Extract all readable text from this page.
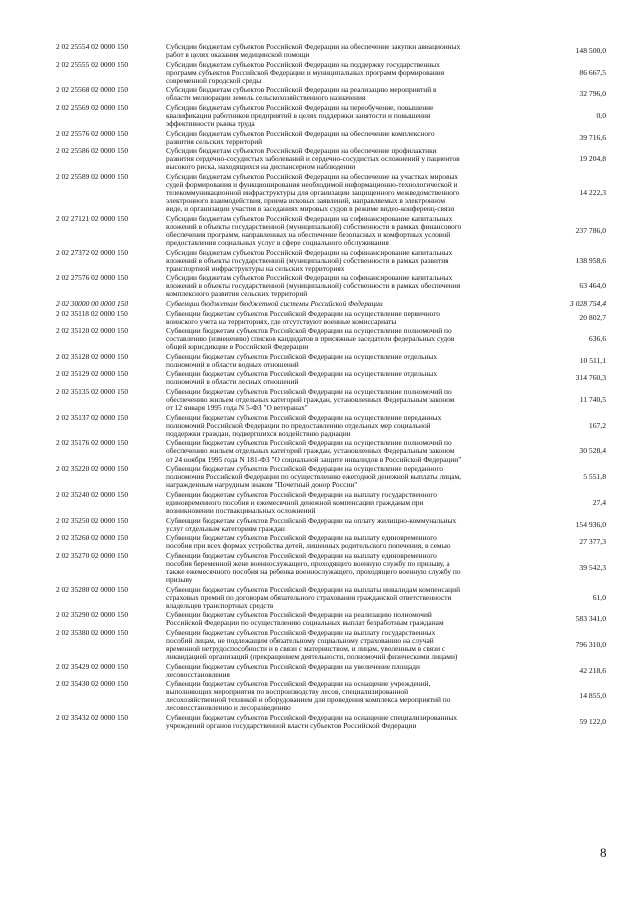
2 02 25554 02 0000 150	Субсидии бюджетам субъектов Российской Федерации на обеспечение закупки авиационных
работ в целях оказания медицинской помощи	148 500,0
2 02 25555 02 0000 150	Субсидии бюджетам субъектов Российской Федерации на поддержку государственных
программ субъектов Российской Федерации и муниципальных программ формирования
современной городской среды
86 667,5
2 02 25568 02 0000 150	Субсидии бюджетам субъектов Российской Федерации на реализацию мероприятий в
области мелиорации земель сельскохозяйственного назначения	32 796,0
2 02 25569 02 0000 150	Субсидии бюджетам субъектов Российской Федерации на переобучение, повышение
квалификации работников предприятий в целях поддержки занятости и повышения
эффективности рынка труда
0,0
2 02 25576 02 0000 150	Субсидии бюджетам субъектов Российской Федерации на обеспечение комплексного
развития сельских территорий	39 716,6
2 02 25586 02 0000 150	Субсидии бюджетам субъектов Российской Федерации на обеспечение профилактики
развития сердечно-сосудистых заболеваний и сердечно-сосудистых осложнений у пациентов
высокого риска, находящихся на диспансерном наблюдении
19 204,8
2 02 25589 02 0000 150	Субсидии бюджетам субъектов Российской Федерации на обеспечение на участках мировых
судей формирования и функционирования необходимой информационно-технологической и
телекоммуникационной инфраструктуры для организации защищенного межведомственного
электронного взаимодействия, приема исковых заявлений, направляемых в электронном
виде, и организации участия в заседаниях мировых судов в режиме видео-конференц-связи
14 222,3
2 02 27121 02 0000 150	Субсидии бюджетам субъектов Российской Федерации на софинансирование капитальных
вложений в объекты государственной (муниципальной) собственности в рамках финансового
обеспечения программ, направленных на обеспечение безопасных и комфортных условий
предоставления социальных услуг в сфере социального обслуживания
237 786,0
2 02 27372 02 0000 150	Субсидии бюджетам субъектов Российской Федерации на софинансирование капитальных
вложений в объекты государственной (муниципальной) собственности в рамках развития
транспортной инфраструктуры на сельских территориях
138 958,6
2 02 27576 02 0000 150	Субсидии бюджетам субъектов Российской Федерации на софинансирование капитальных
вложений в объекты государственной (муниципальной) собственности в рамках обеспечения
комплексного развития сельских территорий
63 464,0
2 02 30000 00 0000 150	Субвенции бюджетам бюджетной системы Российской Федерации	3 028 754,4
2 02 35118 02 0000 150	Субвенции бюджетам субъектов Российской Федерации на осуществление первичного
воинского учета на территориях, где отсутствуют военные комиссариаты	20 802,7
2 02 35120 02 0000 150	Субвенции бюджетам субъектов Российской Федерации на осуществление полномочий по
составлению (изменению) списков кандидатов в присяжные заседатели федеральных судов
общей юрисдикции в Российской Федерации
636,6
2 02 35128 02 0000 150	Субвенции бюджетам субъектов Российской Федерации на осуществление отдельных
полномочий в области водных отношений	10 511,1
2 02 35129 02 0000 150	Субвенции бюджетам субъектов Российской Федерации на осуществление отдельных
полномочий в области лесных отношений	314 760,3
2 02 35135 02 0000 150	Субвенции бюджетам субъектов Российской Федерации на осуществление полномочий по
обеспечению жильем отдельных категорий граждан, установленных Федеральным законом
от 12 января 1995 года N 5-ФЗ "О ветеранах"
11 740,5
2 02 35137 02 0000 150	Субвенции бюджетам субъектов Российской Федерации на осуществление переданных
полномочий Российской Федерации по предоставлению отдельных мер социальной
поддержки граждан, подвергшихся воздействию радиации
167,2
2 02 35176 02 0000 150	Субвенции бюджетам субъектов Российской Федерации на осуществление полномочий по
обеспечению жильем отдельных категорий граждан, установленных Федеральным законом
от 24 ноября 1995 года N 181-ФЗ "О социальной защите инвалидов в Российской Федерации"
30 528,4
2 02 35220 02 0000 150	Субвенции бюджетам субъектов Российской Федерации на осуществление переданного
полномочия Российской Федерации по осуществлению ежегодной денежной выплаты лицам,
награжденным нагрудным знаком "Почетный донор России"
5 551,8
2 02 35240 02 0000 150	Субвенции бюджетам субъектов Российской Федерации на выплату государственного
единовременного пособия и ежемесячной денежной компенсации гражданам при
возникновении поствакцинальных осложнений
27,4
2 02 35250 02 0000 150	Субвенции бюджетам субъектов Российской Федерации на оплату жилищно-коммунальных
услуг отдельным категориям граждан	154 936,0
2 02 35260 02 0000 150	Субвенции бюджетам субъектов Российской Федерации на выплату единовременного
пособия при всех формах устройства детей, лишенных родительского попечения, в семью	27 377,3
2 02 35270 02 0000 150	Субвенции бюджетам субъектов Российской Федерации на выплату единовременного
пособия беременной жене военнослужащего, проходящего военную службу по призыву, а
также ежемесячного пособия на ребенка военнослужащего, проходящего военную службу по
призыву
39 542,3
2 02 35280 02 0000 150	Субвенции бюджетам субъектов Российской Федерации на выплаты инвалидам компенсаций
страховых премий по договорам обязательного страхования гражданской ответственности
владельцев транспортных средств
61,0
2 02 35290 02 0000 150	Субвенции бюджетам субъектов Российской Федерации на реализацию полномочий
Российской Федерации по осуществлению социальных выплат безработным гражданам	583 341,0
2 02 35380 02 0000 150	Субвенции бюджетам субъектов Российской Федерации на выплату государственных
пособий лицам, не подлежащим обязательному социальному страхованию на случай
временной нетрудоспособности и в связи с материнством, и лицам, уволенным в связи с
ликвидацией организаций (прекращением деятельности, полномочий физическими лицами)
796 310,0
2 02 35429 02 0000 150	Субвенции бюджетам субъектов Российской Федерации на увеличение площади
лесовосстановления	42 218,6
2 02 35430 02 0000 150	Субвенции бюджетам субъектов Российской Федерации на оснащение учреждений,
выполняющих мероприятия по воспроизводству лесов, специализированной
лесохозяйственной техникой и оборудованием для проведения комплекса мероприятий по
лесовосстановлению и лесоразведению
14 855,0
2 02 35432 02 0000 150	Субвенции бюджетам субъектов Российской Федерации на оснащение специализированных
учреждений органов государственной власти субъектов Российской Федерации	59 122,0
8
